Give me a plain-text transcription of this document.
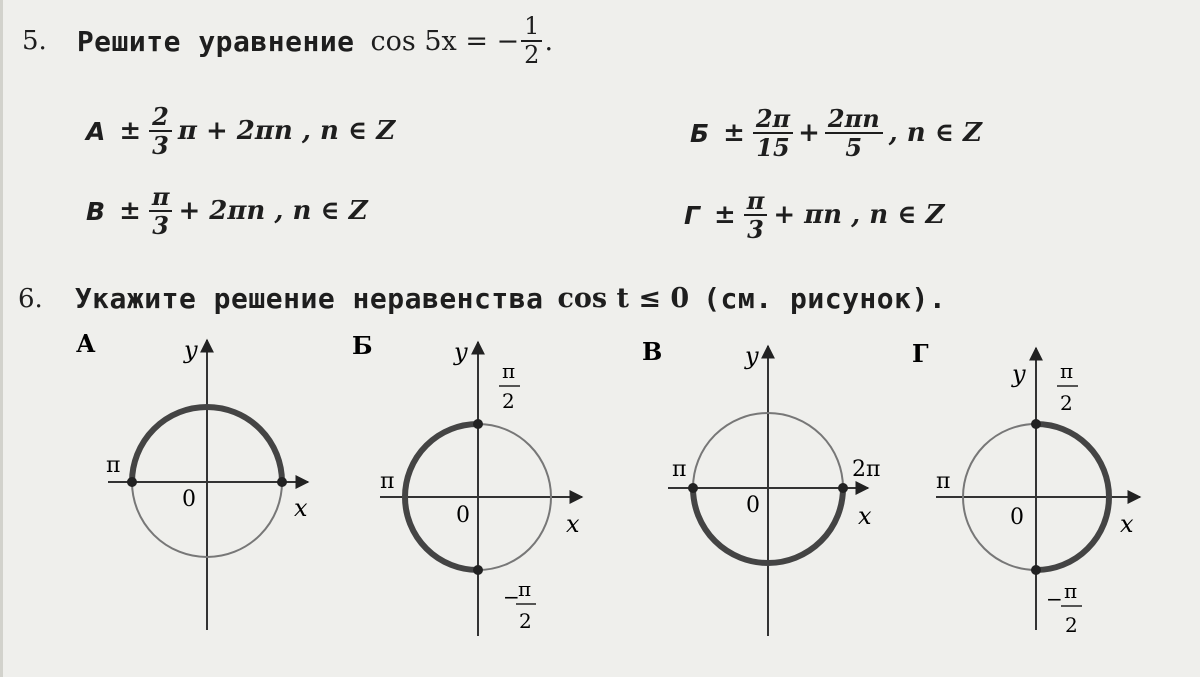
5. Решите уравнение cos 5x = − $\frac{1}{2}$ .
$А \pm \frac{2}{3}$ π + 2πn , n ∈ Z	$Б \pm \frac{2\pi}{15} + \frac{2\pi n}{5}$ , n ∈ Z
$В \pm \frac{\pi}{3} + 2\pi n$ , n ∈ Z	$Г \pm \frac{\pi}{3} + \pi n$ , n ∈ Z
6. Укажите решение неравенства cos t ≤ 0 (см. рисунок).
А	y
x
0
π
Б	y
x
0
π
π
2
−
π
2
В	y
x
0
π	2π
Г
y
x
0
π
π
2
− π
2
